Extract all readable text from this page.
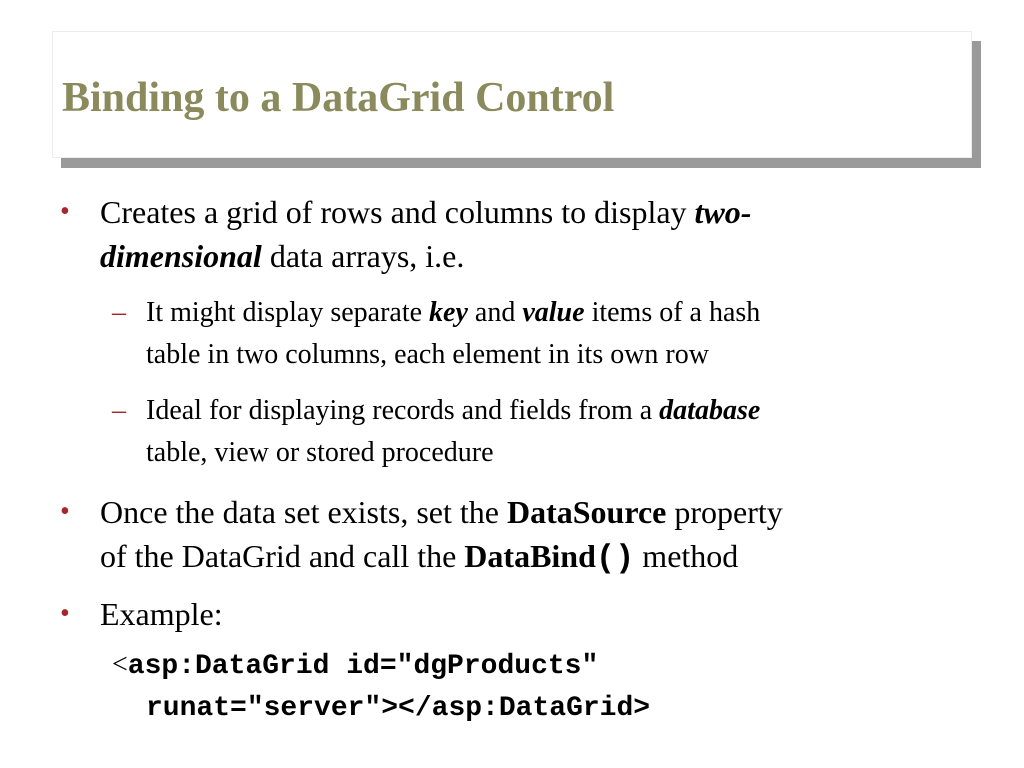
Binding to a DataGrid Control
• Creates a grid of rows and columns to display two-
dimensional data arrays, i.e.
– It might display separate key and value items of a hash
table in two columns, each element in its own row
– Ideal for displaying records and fields from a database
table, view or stored procedure
• Once the data set exists, set the DataSource property
of the DataGrid and call the DataBind() method
• Example:
<asp:DataGrid id="dgProducts"
runat="server"></asp:DataGrid>
